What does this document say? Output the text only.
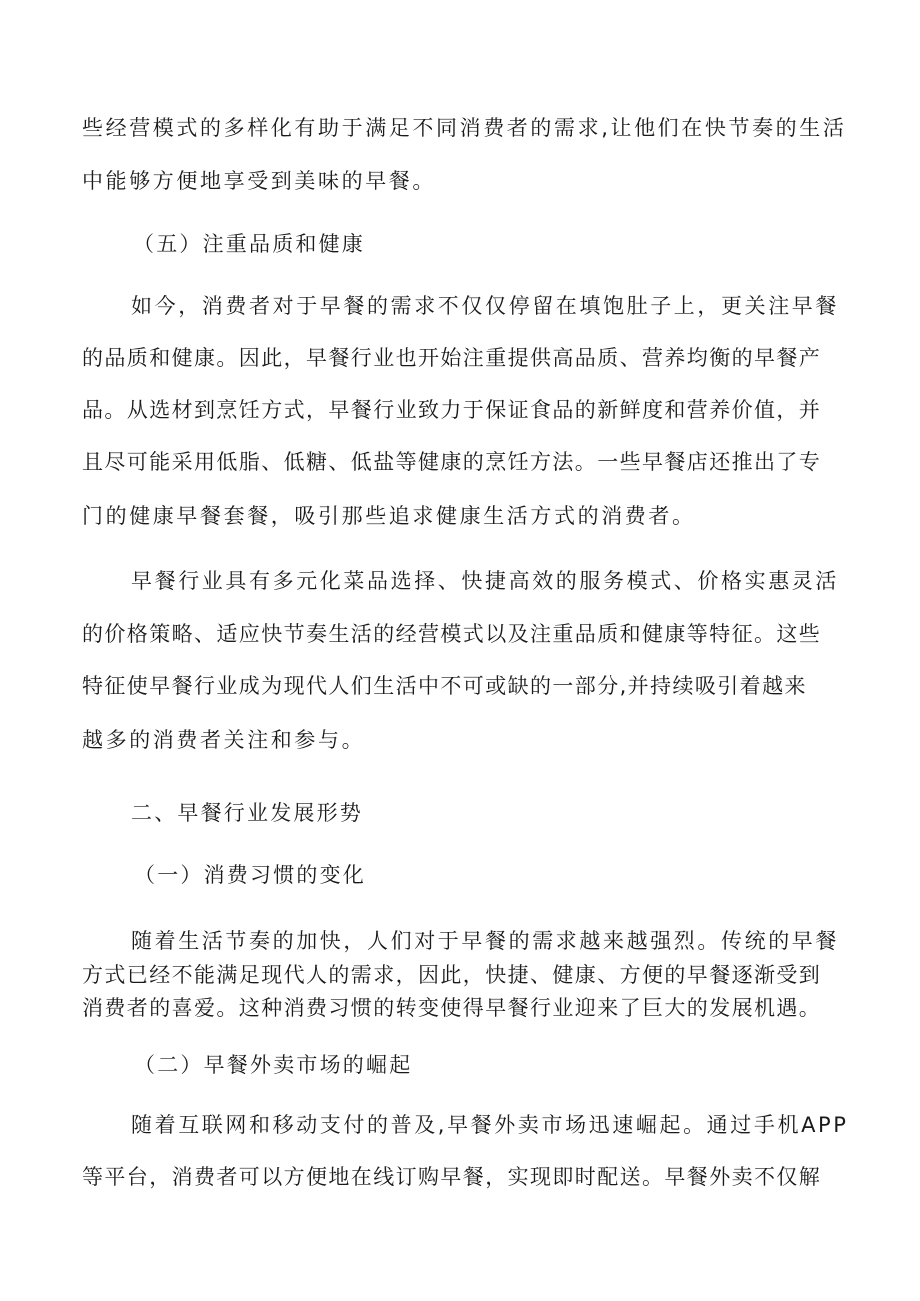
些经营模式的多样化有助于满足不同消费者的需求,让他们在快节奏的生活
中能够方便地享受到美味的早餐。
（五）注重品质和健康
如今，消费者对于早餐的需求不仅仅停留在填饱肚子上，更关注早餐
的品质和健康。因此，早餐行业也开始注重提供高品质、营养均衡的早餐产
品。从选材到烹饪方式，早餐行业致力于保证食品的新鲜度和营养价值，并
且尽可能采用低脂、低糖、低盐等健康的烹饪方法。一些早餐店还推出了专
门的健康早餐套餐，吸引那些追求健康生活方式的消费者。
早餐行业具有多元化菜品选择、快捷高效的服务模式、价格实惠灵活
的价格策略、适应快节奏生活的经营模式以及注重品质和健康等特征。这些
特征使早餐行业成为现代人们生活中不可或缺的一部分,并持续吸引着越来
越多的消费者关注和参与。
二、早餐行业发展形势
（一）消费习惯的变化
随着生活节奏的加快，人们对于早餐的需求越来越强烈。传统的早餐
方式已经不能满足现代人的需求，因此，快捷、健康、方便的早餐逐渐受到
消费者的喜爱。这种消费习惯的转变使得早餐行业迎来了巨大的发展机遇。
（二）早餐外卖市场的崛起
随着互联网和移动支付的普及,早餐外卖市场迅速崛起。通过手机APP
等平台，消费者可以方便地在线订购早餐，实现即时配送。早餐外卖不仅解
